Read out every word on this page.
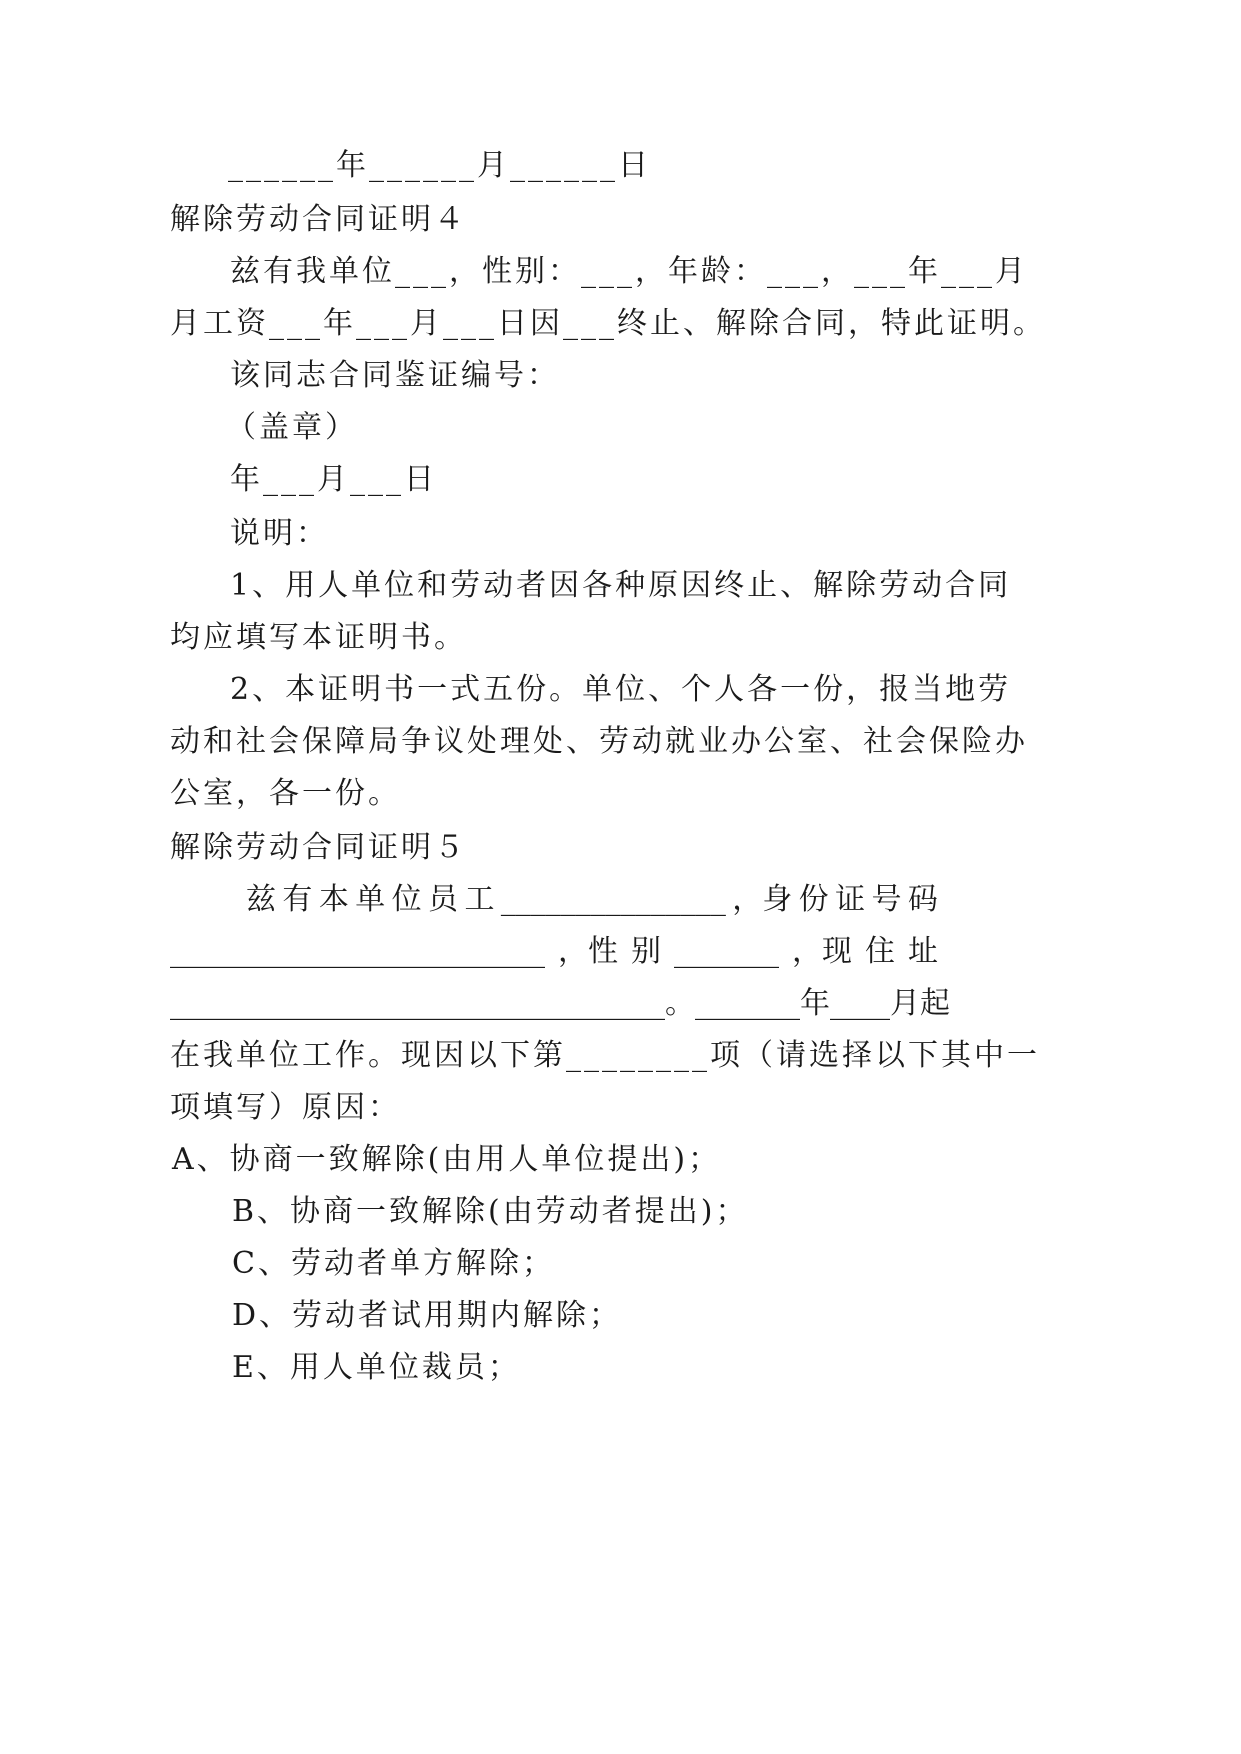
______年______月______日
解除劳动合同证明４
兹有我单位___，性别：___，年龄：___，___年___月
月工资___年___月___日因___终止、解除合同，特此证明。
该同志合同鉴证编号：
（盖章）
年___月___日
说明：
1、用人单位和劳动者因各种原因终止、解除劳动合同
均应填写本证明书。
2、本证明书一式五份。单位、个人各一份，报当地劳
动和社会保障局争议处理处、劳动就业办公室、社会保险办
公室，各一份。
解除劳动合同证明５
兹 有 本 单 位 员 工 _______________ ，身 份 证 号 码
_________________________ ，性 别 _______ ，现 住 址
_________________________________。 _______年 ____月起
在我单位工作。现因以下第________项（请选择以下其中一
项填写）原因：
A、协商一致解除(由用人单位提出)；
B、协商一致解除(由劳动者提出)；
C、劳动者单方解除；
D、劳动者试用期内解除；
E、用人单位裁员；
